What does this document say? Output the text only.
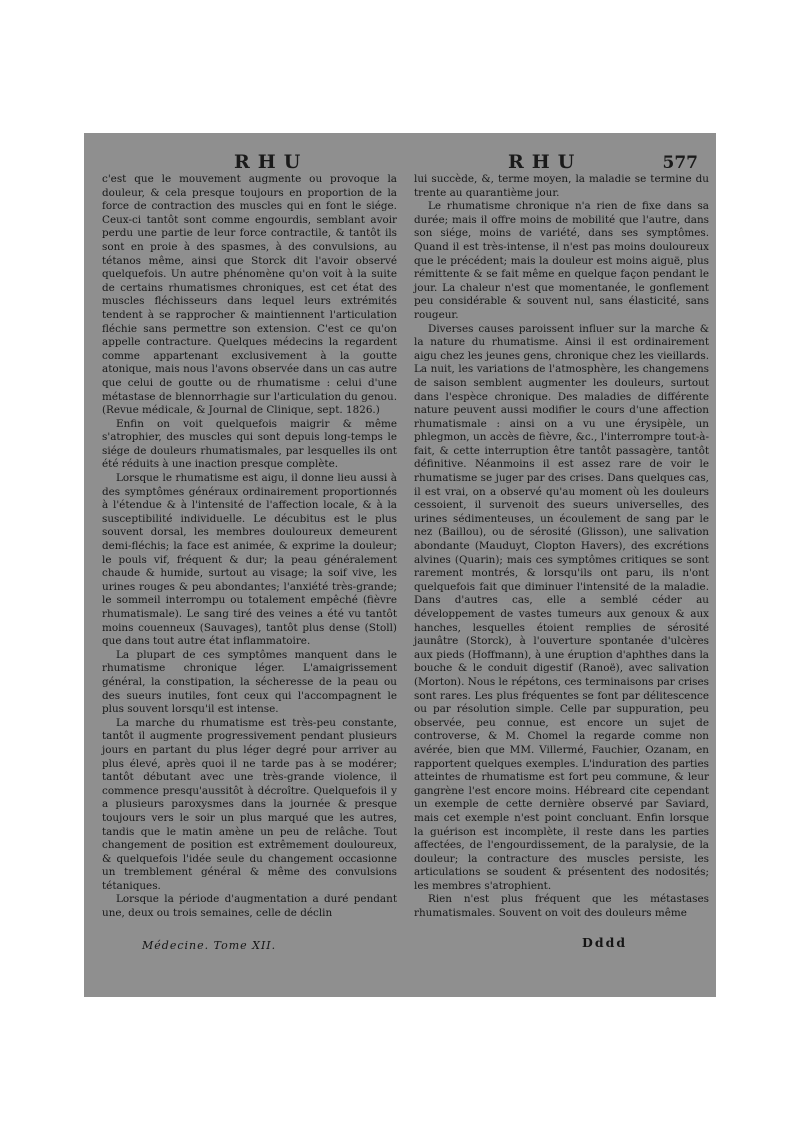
RHU	RHU	577

c'est que le mouvement augmente ou provoque la douleur, & cela presque toujours en proportion de la force de contraction des muscles qui en font le siége. Ceux-ci tantôt sont comme engourdis, semblant avoir perdu une partie de leur force contractile, & tantôt ils sont en proie à des spasmes, à des convulsions, au tétanos même, ainsi que Storck dit l'avoir observé quelquefois. Un autre phénomène qu'on voit à la suite de certains rhumatismes chroniques, est cet état des muscles fléchisseurs dans lequel leurs extrémités tendent à se rapprocher & maintiennent l'articulation fléchie sans permettre son extension. C'est ce qu'on appelle contracture. Quelques médecins la regardent comme appartenant exclusivement à la goutte atonique, mais nous l'avons observée dans un cas autre que celui de goutte ou de rhumatisme : celui d'une métastase de blennorrhagie sur l'articulation du genou. (Revue médicale, & Journal de Clinique, sept. 1826.)

Enfin on voit quelquefois maigrir & même s'atrophier, des muscles qui sont depuis long-temps le siége de douleurs rhumatismales, par lesquelles ils ont été réduits à une inaction presque complète.

Lorsque le rhumatisme est aigu, il donne lieu aussi à des symptômes généraux ordinairement proportionnés à l'étendue & à l'intensité de l'affection locale, & à la susceptibilité individuelle. Le décubitus est le plus souvent dorsal, les membres douloureux demeurent demi-fléchis; la face est animée, & exprime la douleur; le pouls vif, fréquent & dur; la peau généralement chaude & humide, surtout au visage; la soif vive, les urines rouges & peu abondantes; l'anxiété très-grande; le sommeil interrompu ou totalement empêché (fièvre rhumatismale). Le sang tiré des veines a été vu tantôt moins couenneux (Sauvages), tantôt plus dense (Stoll) que dans tout autre état inflammatoire.

La plupart de ces symptômes manquent dans le rhumatisme chronique léger. L'amaigrissement général, la constipation, la sécheresse de la peau ou des sueurs inutiles, font ceux qui l'accompagnent le plus souvent lorsqu'il est intense.

La marche du rhumatisme est très-peu constante, tantôt il augmente progressivement pendant plusieurs jours en partant du plus léger degré pour arriver au plus élevé, après quoi il ne tarde pas à se modérer; tantôt débutant avec une très-grande violence, il commence presqu'aussitôt à décroître. Quelquefois il y a plusieurs paroxysmes dans la journée & presque toujours vers le soir un plus marqué que les autres, tandis que le matin amène un peu de relâche. Tout changement de position est extrêmement douloureux, & quelquefois l'idée seule du changement occasionne un tremblement général & même des convulsions tétaniques.

Lorsque la période d'augmentation a duré pendant une, deux ou trois semaines, celle de déclin

lui succède, &, terme moyen, la maladie se termine du trente au quarantième jour.

Le rhumatisme chronique n'a rien de fixe dans sa durée; mais il offre moins de mobilité que l'autre, dans son siége, moins de variété, dans ses symptômes. Quand il est très-intense, il n'est pas moins douloureux que le précédent; mais la douleur est moins aiguë, plus rémittente & se fait même en quelque façon pendant le jour. La chaleur n'est que momentanée, le gonflement peu considérable & souvent nul, sans élasticité, sans rougeur.

Diverses causes paroissent influer sur la marche & la nature du rhumatisme. Ainsi il est ordinairement aigu chez les jeunes gens, chronique chez les vieillards. La nuit, les variations de l'atmosphère, les changemens de saison semblent augmenter les douleurs, surtout dans l'espèce chronique. Des maladies de différente nature peuvent aussi modifier le cours d'une affection rhumatismale : ainsi on a vu une érysipèle, un phlegmon, un accès de fièvre, &c., l'interrompre tout-à-fait, & cette interruption être tantôt passagère, tantôt définitive. Néanmoins il est assez rare de voir le rhumatisme se juger par des crises. Dans quelques cas, il est vrai, on a observé qu'au moment où les douleurs cessoient, il survenoit des sueurs universelles, des urines sédimenteuses, un écoulement de sang par le nez (Baillou), ou de sérosité (Glisson), une salivation abondante (Mauduyt, Clopton Havers), des excrétions alvines (Quarin); mais ces symptômes critiques se sont rarement montrés, & lorsqu'ils ont paru, ils n'ont quelquefois fait que diminuer l'intensité de la maladie. Dans d'autres cas, elle a semblé céder au développement de vastes tumeurs aux genoux & aux hanches, lesquelles étoient remplies de sérosité jaunâtre (Storck), à l'ouverture spontanée d'ulcères aux pieds (Hoffmann), à une éruption d'aphthes dans la bouche & le conduit digestif (Ranoë), avec salivation (Morton). Nous le répétons, ces terminaisons par crises sont rares. Les plus fréquentes se font par délitescence ou par résolution simple. Celle par suppuration, peu observée, peu connue, est encore un sujet de controverse, & M. Chomel la regarde comme non avérée, bien que MM. Villermé, Fauchier, Ozanam, en rapportent quelques exemples. L'induration des parties atteintes de rhumatisme est fort peu commune, & leur gangrène l'est encore moins. Hébreard cite cependant un exemple de cette dernière observé par Saviard, mais cet exemple n'est point concluant. Enfin lorsque la guérison est incomplète, il reste dans les parties affectées, de l'engourdissement, de la paralysie, de la douleur; la contracture des muscles persiste, les articulations se soudent & présentent des nodosités; les membres s'atrophient.

Rien n'est plus fréquent que les métastases rhumatismales. Souvent on voit des douleurs même

Médecine. Tome XII.	Dddd
